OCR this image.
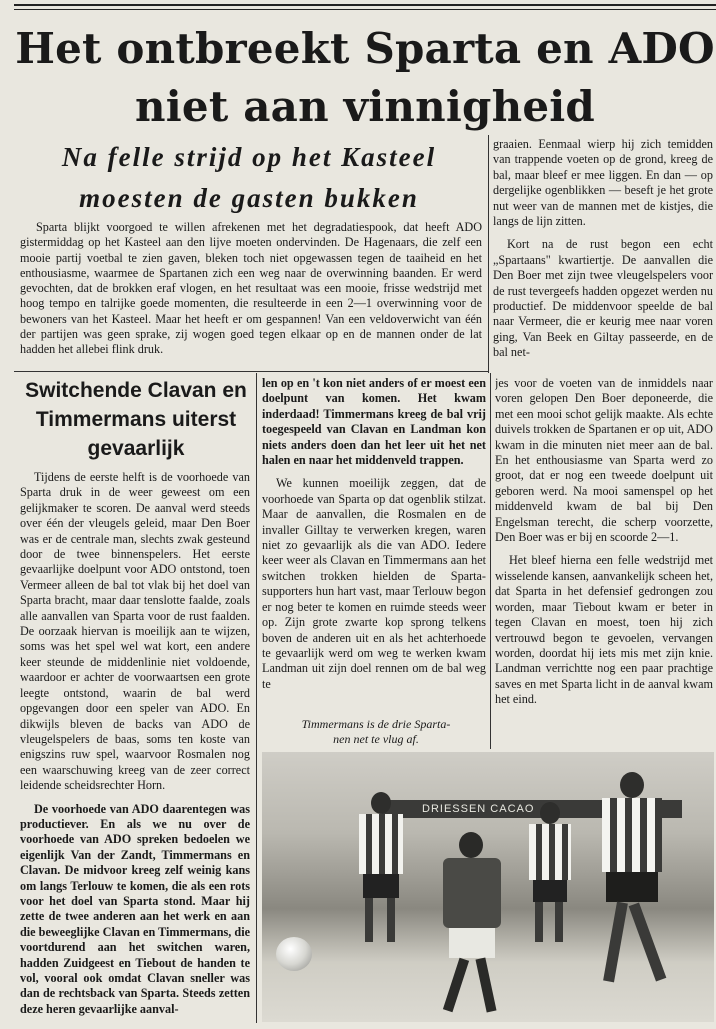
Het ontbreekt Sparta en ADO
niet aan vinnigheid
Na felle strijd op het Kasteel
moesten de gasten bukken

Sparta blijkt voorgoed te willen afrekenen met het degradatiespook, dat heeft ADO gistermiddag op het Kasteel aan den lijve moeten ondervinden. De Hagenaars, die zelf een mooie partij voetbal te zien gaven, bleken toch niet opgewassen tegen de taaiheid en het enthousiasme, waarmee de Spartanen zich een weg naar de overwinning baanden. Er werd gevochten, dat de brokken eraf vlogen, en het resultaat was een mooie, frisse wedstrijd met hoog tempo en talrijke goede momenten, die resulteerde in een 2—1 overwinning voor de bewoners van het Kasteel. Maar het heeft er om gespannen! Van een veldoverwicht van één der partijen was geen sprake, zij wogen goed tegen elkaar op en de mannen onder de lat hadden het allebei flink druk.

Switchende Clavan en
Timmermans uiterst
gevaarlijk

Tijdens de eerste helft is de voorhoede van Sparta druk in de weer geweest om een gelijkmaker te scoren. De aanval werd steeds over één der vleugels geleid, maar Den Boer was er de centrale man, slechts zwak gesteund door de twee binnenspelers. Het eerste gevaarlijke doelpunt voor ADO ontstond, toen Vermeer alleen de bal tot vlak bij het doel van Sparta bracht, maar daar tenslotte faalde, zoals alle aanvallen van Sparta voor de rust faalden. De oorzaak hiervan is moeilijk aan te wijzen, soms was het spel wel wat kort, een andere keer steunde de middenlinie niet voldoende, waardoor er achter de voorwaartsen een grote leegte ontstond, waarin de bal werd opgevangen door een speler van ADO. En dikwijls bleven de backs van ADO de vleugelspelers de baas, soms ten koste van enigszins ruw spel, waarvoor Rosmalen nog een waarschuwing kreeg van de zeer correct leidende scheidsrechter Horn.

De voorhoede van ADO daarentegen was productiever. En als we nu over de voorhoede van ADO spreken bedoelen we eigenlijk Van der Zandt, Timmermans en Clavan. De midvoor kreeg zelf weinig kans om langs Terlouw te komen, die als een rots voor het doel van Sparta stond. Maar hij zette de twee anderen aan het werk en aan die beweeglijke Clavan en Timmermans, die voortdurend aan het switchen waren, hadden Zuidgeest en Tiebout de handen te vol, vooral ook omdat Clavan sneller was dan de rechtsback van Sparta. Steeds zetten deze heren gevaarlijke aanval-

len op en 't kon niet anders of er moest een doelpunt van komen. Het kwam inderdaad! Timmermans kreeg de bal vrij toegespeeld van Clavan en Landman kon niets anders doen dan het leer uit het net halen en naar het middenveld trappen.

We kunnen moeilijk zeggen, dat de voorhoede van Sparta op dat ogenblik stilzat. Maar de aanvallen, die Rosmalen en de invaller Gilltay te verwerken kregen, waren niet zo gevaarlijk als die van ADO. Iedere keer weer als Clavan en Timmermans aan het switchen trokken hielden de Sparta-supporters hun hart vast, maar Terlouw begon er nog beter te komen en ruimde steeds weer op. Zijn grote zwarte kop sprong telkens boven de anderen uit en als het achterhoede te gevaarlijk werd om weg te werken kwam Landman uit zijn doel rennen om de bal weg te

graaien. Eenmaal wierp hij zich temidden van trappende voeten op de grond, kreeg de bal, maar bleef er mee liggen. En dan — op dergelijke ogenblikken — beseft je het grote nut weer van de mannen met de kistjes, die langs de lijn zitten.

Kort na de rust begon een echt „Spartaans" kwartiertje. De aanvallen die Den Boer met zijn twee vleugelspelers voor de rust tevergeefs hadden opgezet werden nu productief. De middenvoor speelde de bal naar Vermeer, die er keurig mee naar voren ging, Van Beek en Giltay passeerde, en de bal net-

jes voor de voeten van de inmiddels naar voren gelopen Den Boer deponeerde, die met een mooi schot gelijk maakte. Als echte duivels trokken de Spartanen er op uit, ADO kwam in die minuten niet meer aan de bal. En het enthousiasme van Sparta werd zo groot, dat er nog een tweede doelpunt uit geboren werd. Na mooi samenspel op het middenveld kwam de bal bij Den Engelsman terecht, die scherp voorzette, Den Boer was er bij en scoorde 2—1.

Het bleef hierna een felle wedstrijd met wisselende kansen, aanvankelijk scheen het, dat Sparta in het defensief gedrongen zou worden, maar Tiebout kwam er beter in tegen Clavan en moest, toen hij zich vertrouwd begon te gevoelen, vervangen worden, doordat hij iets mis met zijn knie. Landman verrichtte nog een paar prachtige saves en met Sparta licht in de aanval kwam het eind.

Timmermans is de drie Sparta-
nen net te vlug af.

DRIESSEN CACAO
